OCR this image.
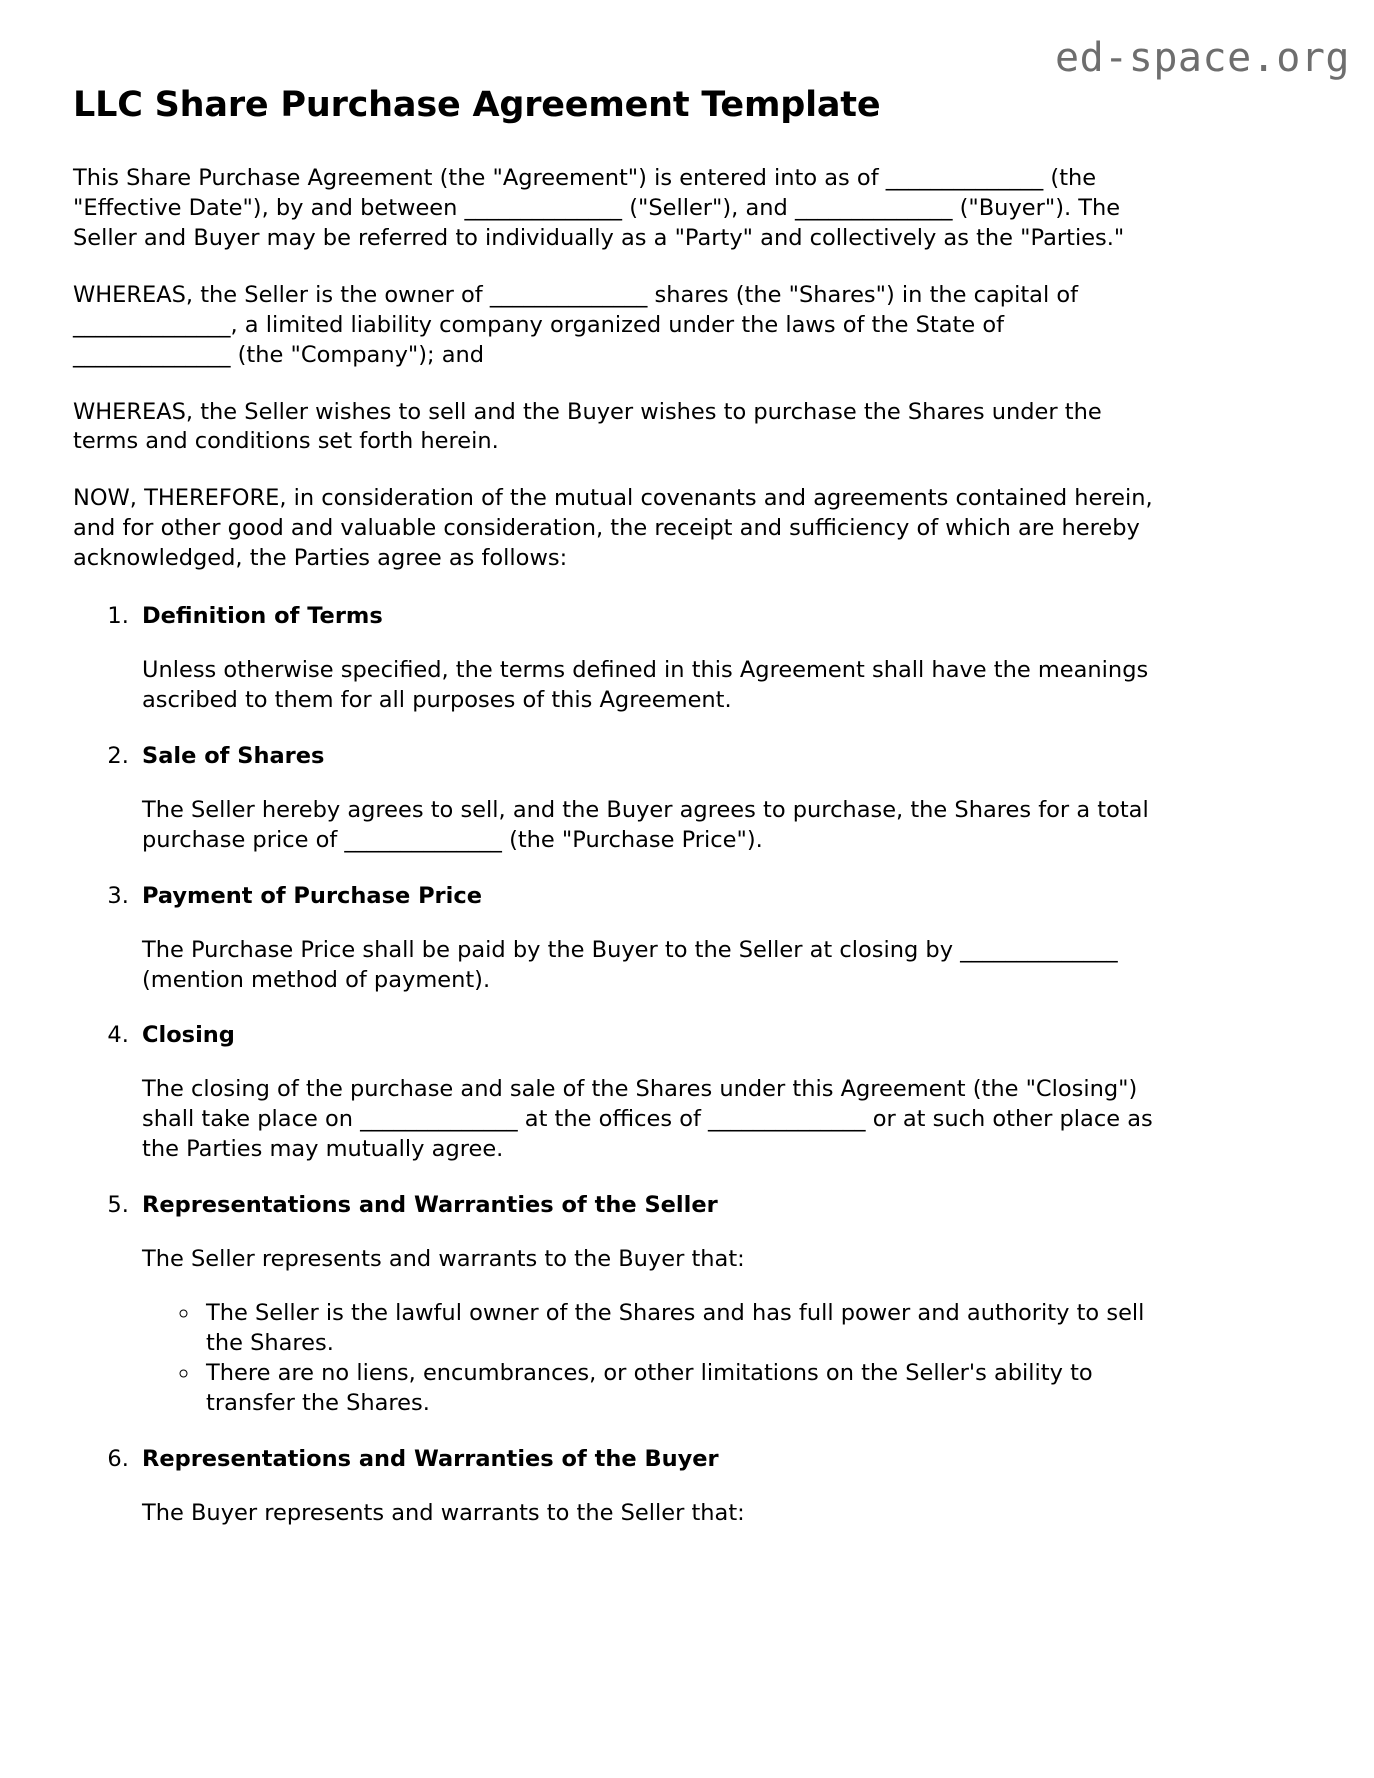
ed-space.org
LLC Share Purchase Agreement Template

This Share Purchase Agreement (the "Agreement") is entered into as of ______________ (the "Effective Date"), by and between ______________ ("Seller"), and ______________ ("Buyer"). The Seller and Buyer may be referred to individually as a "Party" and collectively as the "Parties."

WHEREAS, the Seller is the owner of ______________ shares (the "Shares") in the capital of ______________, a limited liability company organized under the laws of the State of ______________ (the "Company"); and

WHEREAS, the Seller wishes to sell and the Buyer wishes to purchase the Shares under the terms and conditions set forth herein.

NOW, THEREFORE, in consideration of the mutual covenants and agreements contained herein, and for other good and valuable consideration, the receipt and sufficiency of which are hereby acknowledged, the Parties agree as follows:

1. Definition of Terms
Unless otherwise specified, the terms defined in this Agreement shall have the meanings ascribed to them for all purposes of this Agreement.
2. Sale of Shares
The Seller hereby agrees to sell, and the Buyer agrees to purchase, the Shares for a total purchase price of ______________ (the "Purchase Price").
3. Payment of Purchase Price
The Purchase Price shall be paid by the Buyer to the Seller at closing by ______________ (mention method of payment).
4. Closing
The closing of the purchase and sale of the Shares under this Agreement (the "Closing") shall take place on ______________ at the offices of ______________ or at such other place as the Parties may mutually agree.
5. Representations and Warranties of the Seller
The Seller represents and warrants to the Buyer that:
◦ The Seller is the lawful owner of the Shares and has full power and authority to sell the Shares.
◦ There are no liens, encumbrances, or other limitations on the Seller's ability to transfer the Shares.
6. Representations and Warranties of the Buyer
The Buyer represents and warrants to the Seller that:
